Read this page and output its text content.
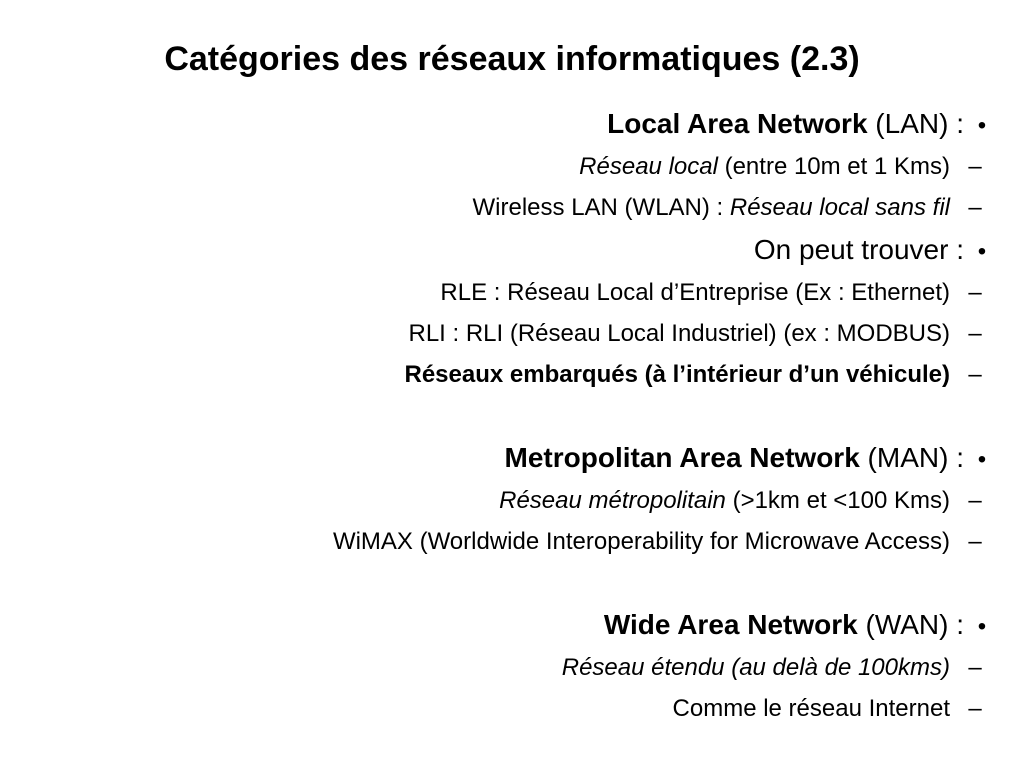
Catégories des réseaux informatiques (2.3)
Local Area Network (LAN) : •
Réseau local (entre 10m et 1 Kms) –
Wireless LAN (WLAN) : Réseau local sans fil –
On peut trouver : •
RLE : Réseau Local d’Entreprise (Ex : Ethernet) –
RLI : RLI (Réseau Local Industriel) (ex : MODBUS) –
Réseaux embarqués (à l’intérieur d’un véhicule) –
Metropolitan Area Network (MAN) : •
Réseau métropolitain (>1km et <100 Kms) –
WiMAX (Worldwide Interoperability for Microwave Access) –
Wide Area Network (WAN) : •
Réseau étendu (au delà de 100kms) –
Comme le réseau Internet –
